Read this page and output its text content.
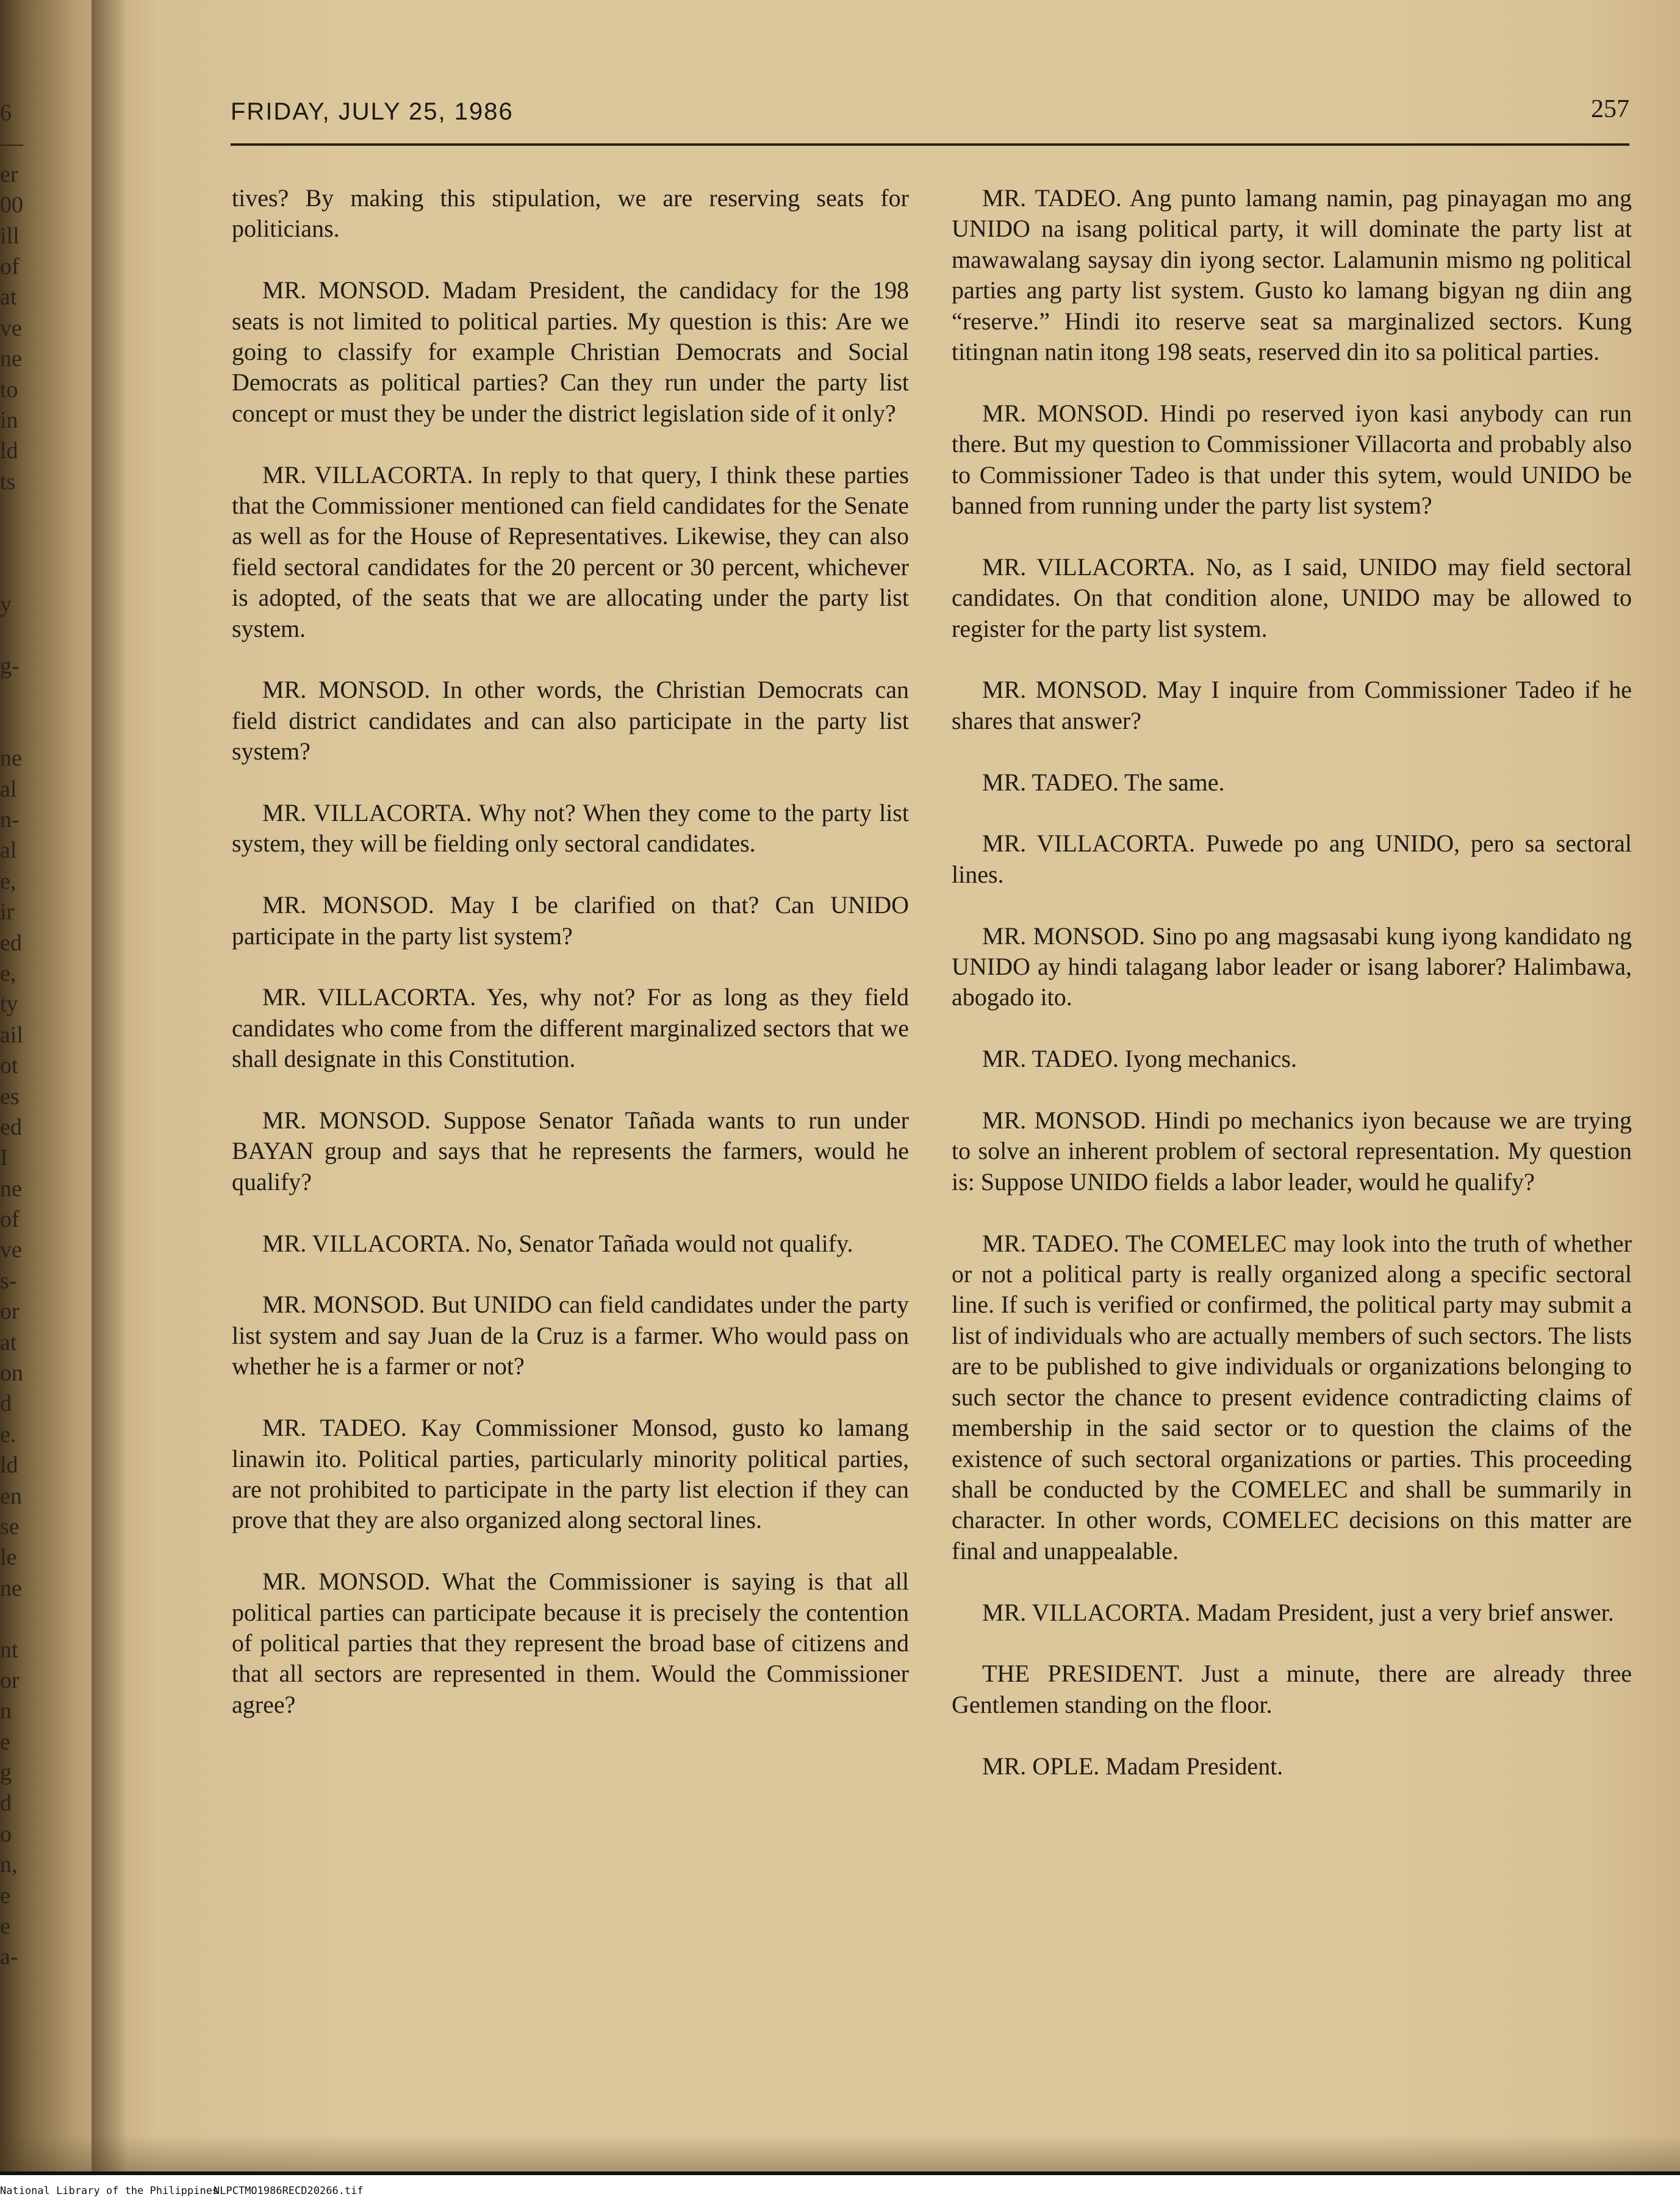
6
—
er
00
ill
of
at
ve
ne
to
in
ld
ts
y
g-
ne
al
n-
al
e,
ir
ed
e,
ty
ail
ot
es
ed
I
ne
of
ve
s-
or
at
on
d
e.
ld
en
se
le
ne
nt
or
n
e
g
d
o
n,
e
e
a-
FRIDAY, JULY 25, 1986	257

tives? By making this stipulation, we are reserving seats for politicians.

MR. MONSOD. Madam President, the candidacy for the 198 seats is not limited to political parties. My question is this: Are we going to classify for example Christian Democrats and Social Democrats as political parties? Can they run under the party list concept or must they be under the district legislation side of it only?

MR. VILLACORTA. In reply to that query, I think these parties that the Commissioner mentioned can field candidates for the Senate as well as for the House of Representatives. Likewise, they can also field sectoral candidates for the 20 percent or 30 percent, whichever is adopted, of the seats that we are allocating under the party list system.

MR. MONSOD. In other words, the Christian Democrats can field district candidates and can also participate in the party list system?

MR. VILLACORTA. Why not? When they come to the party list system, they will be fielding only sectoral candidates.

MR. MONSOD. May I be clarified on that? Can UNIDO participate in the party list system?

MR. VILLACORTA. Yes, why not? For as long as they field candidates who come from the different marginalized sectors that we shall designate in this Constitution.

MR. MONSOD. Suppose Senator Tañada wants to run under BAYAN group and says that he represents the farmers, would he qualify?

MR. VILLACORTA. No, Senator Tañada would not qualify.

MR. MONSOD. But UNIDO can field candidates under the party list system and say Juan de la Cruz is a farmer. Who would pass on whether he is a farmer or not?

MR. TADEO. Kay Commissioner Monsod, gusto ko lamang linawin ito. Political parties, particularly minority political parties, are not prohibited to participate in the party list election if they can prove that they are also organized along sectoral lines.

MR. MONSOD. What the Commissioner is saying is that all political parties can participate because it is precisely the contention of political parties that they represent the broad base of citizens and that all sectors are represented in them. Would the Commissioner agree?

MR. TADEO. Ang punto lamang namin, pag pinayagan mo ang UNIDO na isang political party, it will dominate the party list at mawawalang saysay din iyong sector. Lalamunin mismo ng political parties ang party list system. Gusto ko lamang bigyan ng diin ang “reserve.” Hindi ito reserve seat sa marginalized sectors. Kung titingnan natin itong 198 seats, reserved din ito sa political parties.

MR. MONSOD. Hindi po reserved iyon kasi anybody can run there. But my question to Commissioner Villacorta and probably also to Commissioner Tadeo is that under this sytem, would UNIDO be banned from running under the party list system?

MR. VILLACORTA. No, as I said, UNIDO may field sectoral candidates. On that condition alone, UNIDO may be allowed to register for the party list system.

MR. MONSOD. May I inquire from Commissioner Tadeo if he shares that answer?

MR. TADEO. The same.

MR. VILLACORTA. Puwede po ang UNIDO, pero sa sectoral lines.

MR. MONSOD. Sino po ang magsasabi kung iyong kandidato ng UNIDO ay hindi talagang labor leader or isang laborer? Halimbawa, abogado ito.

MR. TADEO. Iyong mechanics.

MR. MONSOD. Hindi po mechanics iyon because we are trying to solve an inherent problem of sectoral representation. My question is: Suppose UNIDO fields a labor leader, would he qualify?

MR. TADEO. The COMELEC may look into the truth of whether or not a political party is really organized along a specific sectoral line. If such is verified or confirmed, the political party may submit a list of individuals who are actually members of such sectors. The lists are to be published to give individuals or organizations belonging to such sector the chance to present evidence contradicting claims of membership in the said sector or to question the claims of the existence of such sectoral organizations or parties. This proceeding shall be conducted by the COMELEC and shall be summarily in character. In other words, COMELEC decisions on this matter are final and unappealable.

MR. VILLACORTA. Madam President, just a very brief answer.

THE PRESIDENT. Just a minute, there are already three Gentlemen standing on the floor.

MR. OPLE. Madam President.

National Library of the Philippines
NLPCTMO1986RECD20266.tif
